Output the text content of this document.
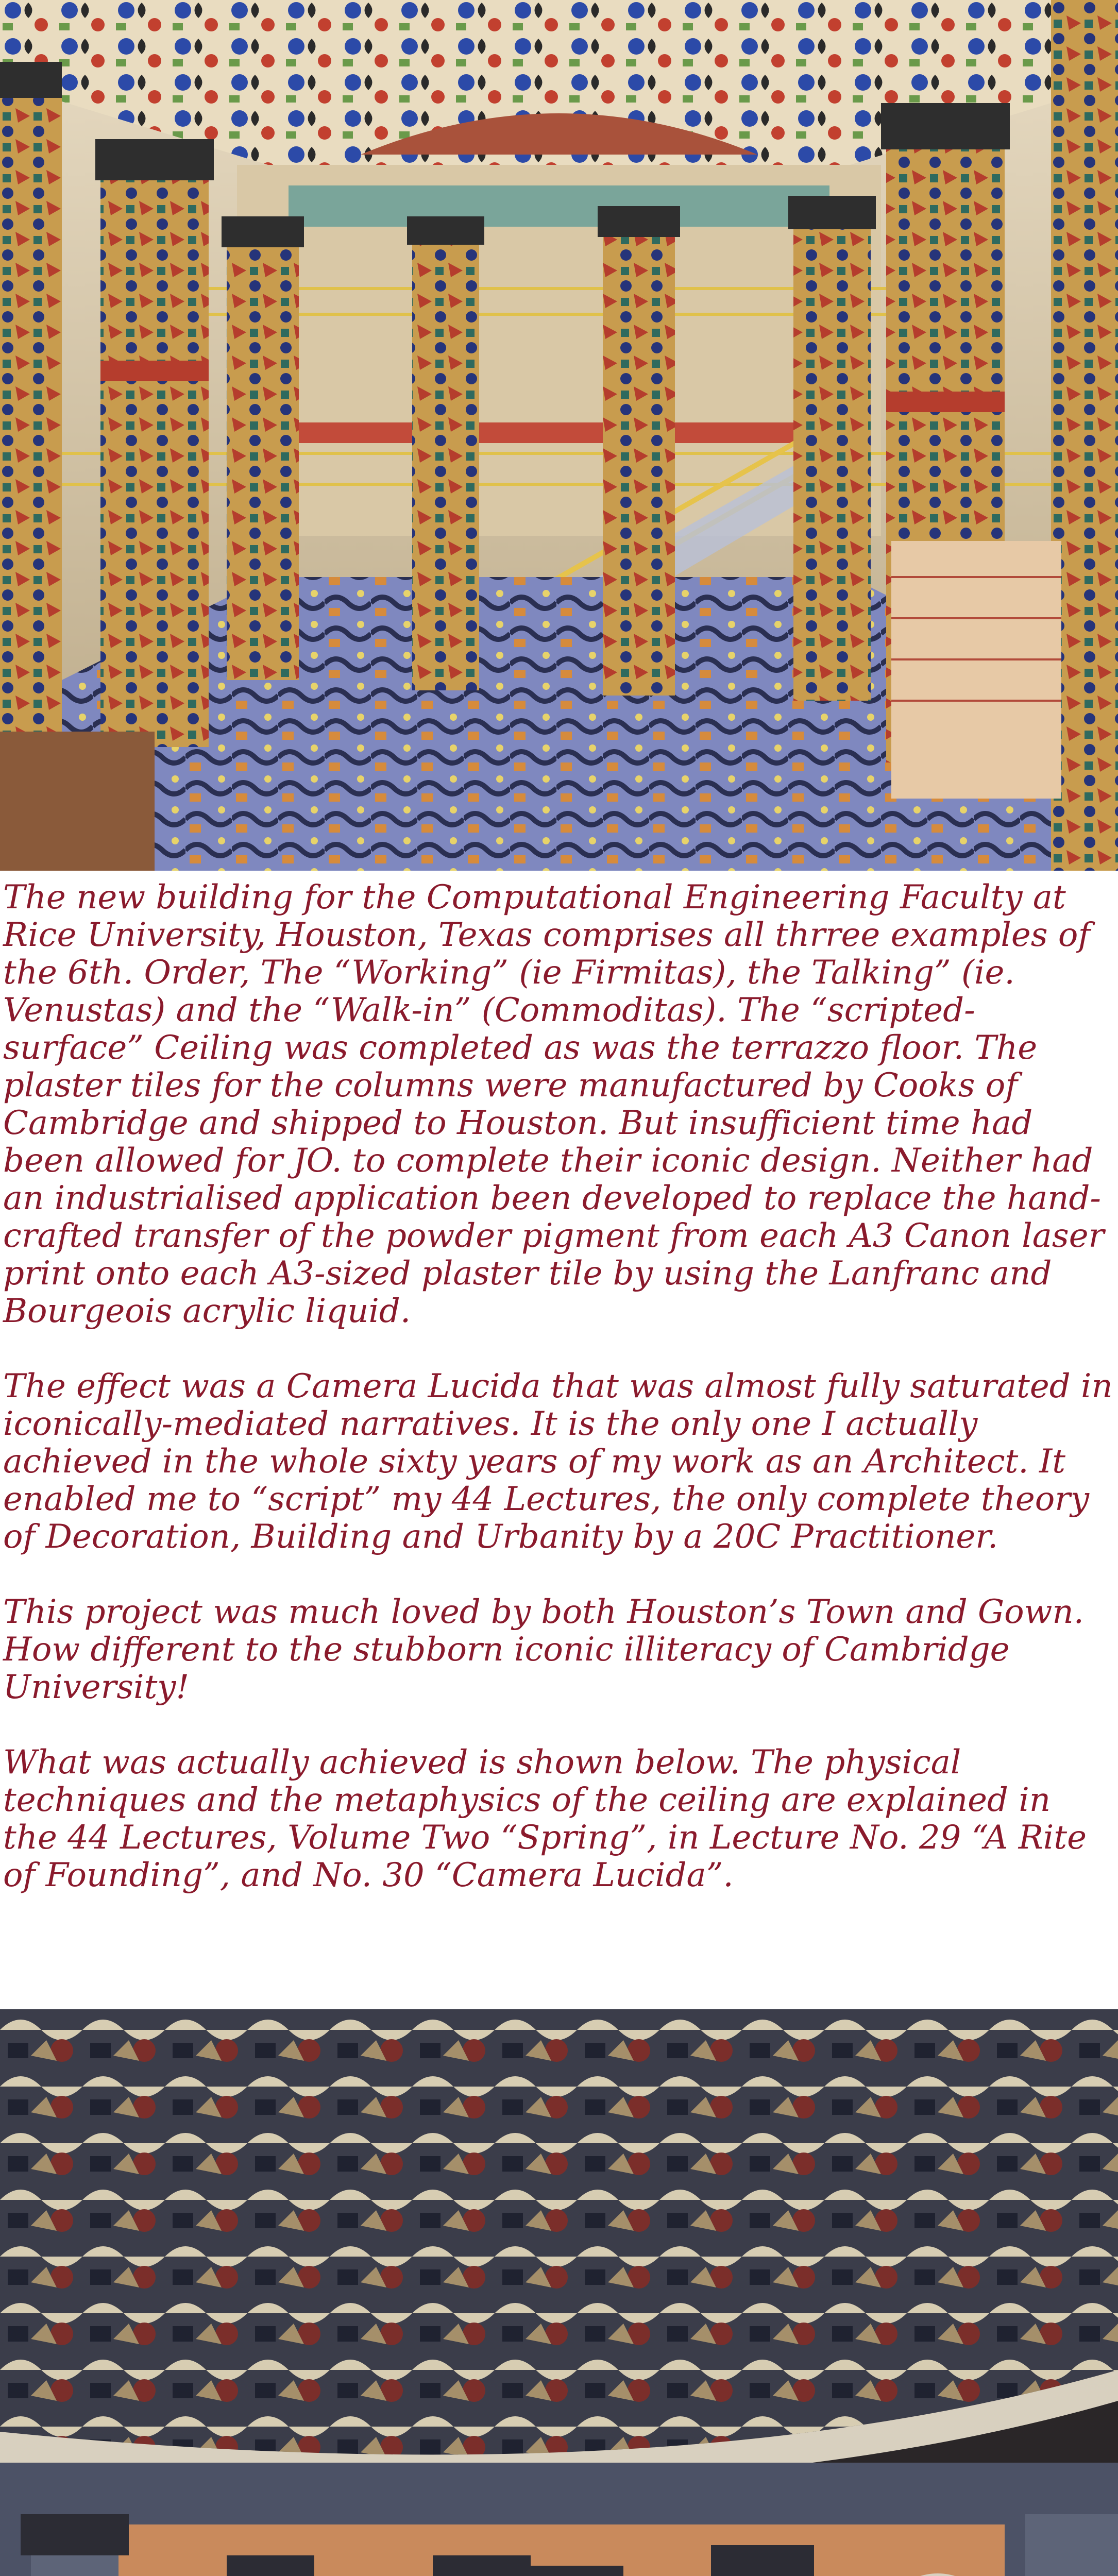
The new building for the Computational Engineering Faculty at Rice University, Houston, Texas comprises all thrree examples of the 6th. Order, The “Working” (ie Firmitas), the Talking” (ie. Venustas) and the “Walk-in” (Commoditas). The “scripted-surface” Ceiling was completed as was the terrazzo floor. The plaster tiles for the columns were manufactured by Cooks of Cambridge and shipped to Houston. But insufficient time had been allowed for JO. to complete their iconic design. Neither had an industrialised application been developed to replace the hand-crafted transfer of the powder pigment from each A3 Canon laser print onto each A3-sized plaster tile by using the Lanfranc and Bourgeois acrylic liquid.

The effect was a Camera Lucida that was almost fully saturated in iconically-mediated narratives. It is the only one I actually achieved in the whole sixty years of my work as an Architect. It enabled me to “script” my 44 Lectures, the only complete theory of Decoration, Building and Urbanity by a 20C Practitioner.

This project was much loved by both Houston’s Town and Gown. How different to the stubborn iconic illiteracy of Cambridge University!

What was actually achieved is shown below. The physical techniques and the metaphysics of the ceiling are explained in the 44 Lectures, Volume Two “Spring”, in Lecture No. 29 “A Rite of Founding”, and No. 30 “Camera Lucida”.
